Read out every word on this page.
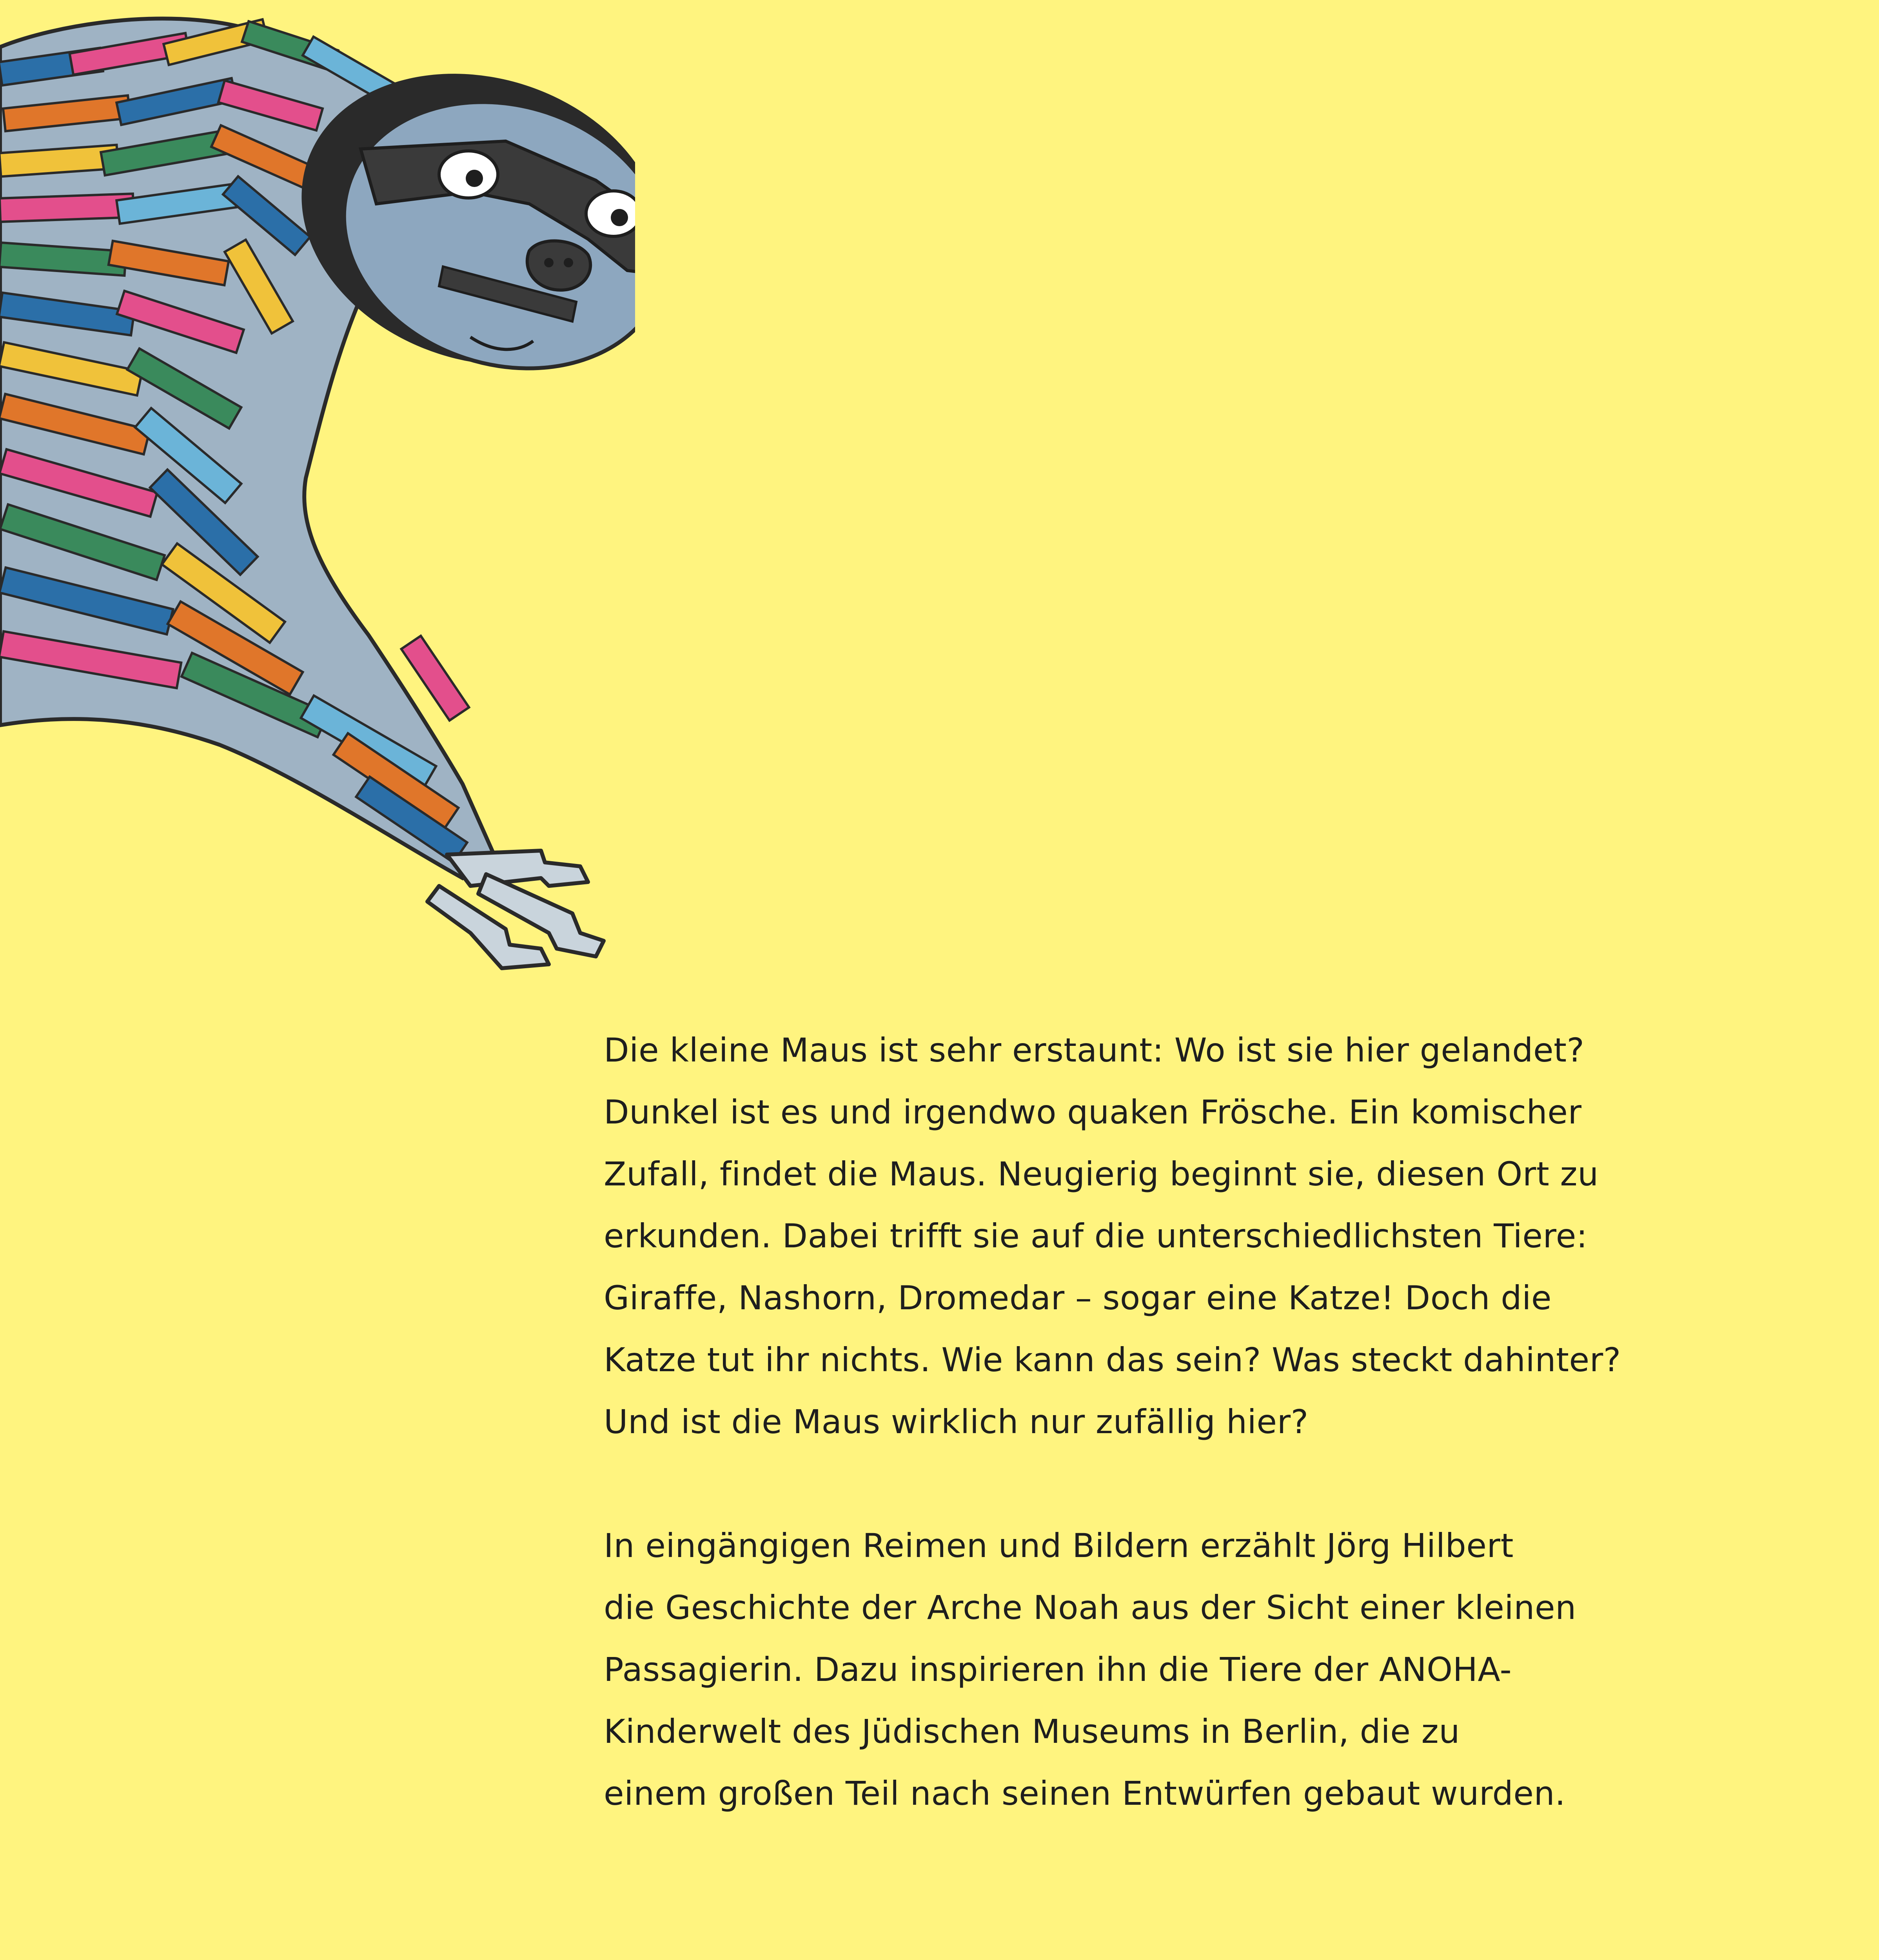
Die kleine Maus ist sehr erstaunt: Wo ist sie hier gelandet?
Dunkel ist es und irgendwo quaken Frösche. Ein komischer
Zufall, findet die Maus. Neugierig beginnt sie, diesen Ort zu
erkunden. Dabei trifft sie auf die unterschiedlichsten Tiere:
Giraffe, Nashorn, Dromedar – sogar eine Katze! Doch die
Katze tut ihr nichts. Wie kann das sein? Was steckt dahinter?
Und ist die Maus wirklich nur zufällig hier?

In eingängigen Reimen und Bildern erzählt Jörg Hilbert
die Geschichte der Arche Noah aus der Sicht einer kleinen
Passagierin. Dazu inspirieren ihn die Tiere der ANOHA-
Kinderwelt des Jüdischen Museums in Berlin, die zu
einem großen Teil nach seinen Entwürfen gebaut wurden.
